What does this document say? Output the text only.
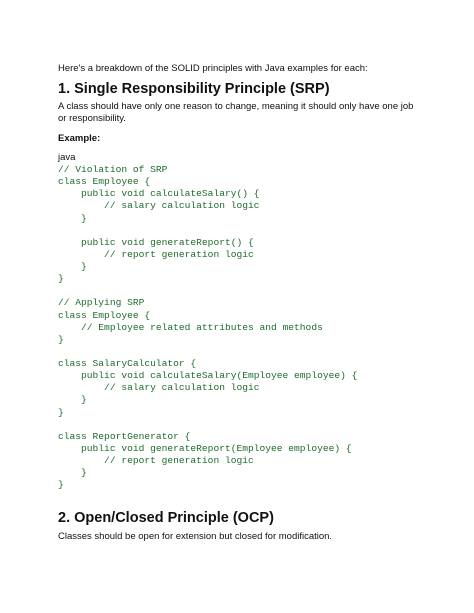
Here's a breakdown of the SOLID principles with Java examples for each:
1. Single Responsibility Principle (SRP)
A class should have only one reason to change, meaning it should only have one job or responsibility.
Example:
java
// Violation of SRP
class Employee {
public void calculateSalary() {
// salary calculation logic
}
public void generateReport() {
// report generation logic
}
}
// Applying SRP
class Employee {
// Employee related attributes and methods
}
class SalaryCalculator {
public void calculateSalary(Employee employee) {
// salary calculation logic
}
}
class ReportGenerator {
public void generateReport(Employee employee) {
// report generation logic
}
}
2. Open/Closed Principle (OCP)
Classes should be open for extension but closed for modification.
